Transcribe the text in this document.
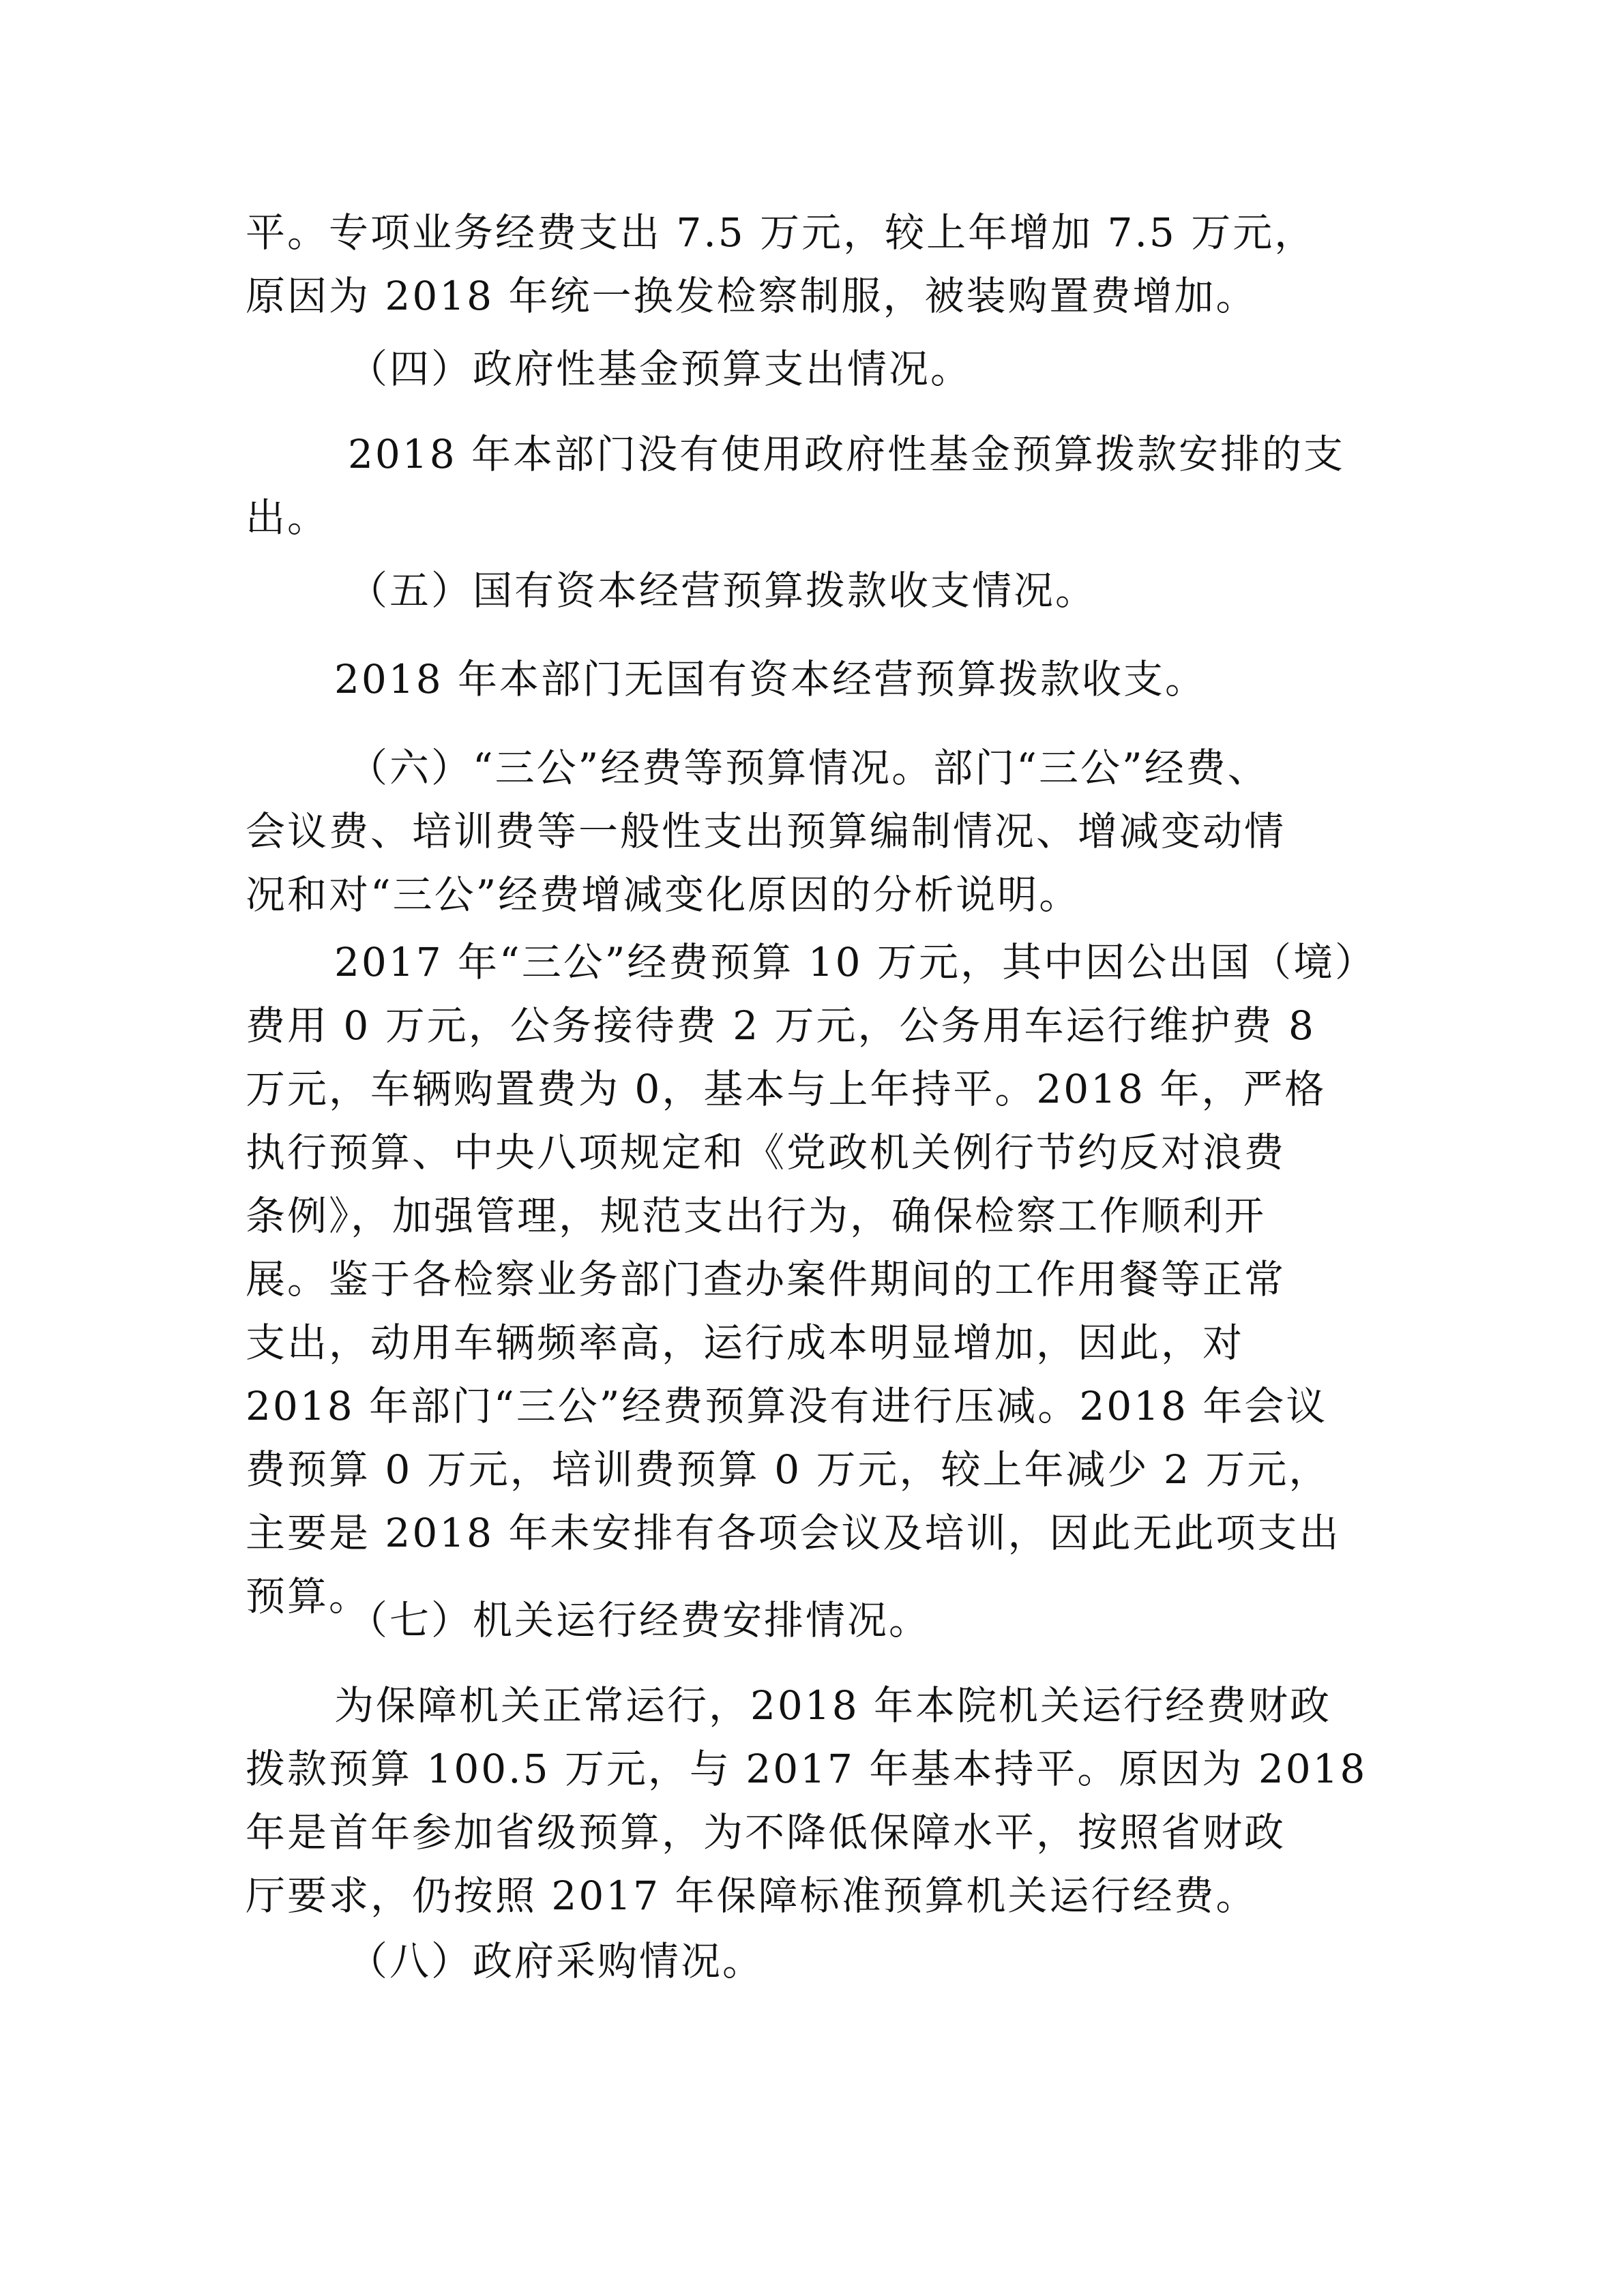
平。专项业务经费支出 7.5 万元，较上年增加 7.5 万元，
原因为 2018 年统一换发检察制服，被装购置费增加。
（四）政府性基金预算支出情况。
2018 年本部门没有使用政府性基金预算拨款安排的支
出。
（五）国有资本经营预算拨款收支情况。
2018 年本部门无国有资本经营预算拨款收支。
（六）“三公”经费等预算情况。部门“三公”经费、
会议费、培训费等一般性支出预算编制情况、增减变动情
况和对“三公”经费增减变化原因的分析说明。
2017 年“三公”经费预算 10 万元，其中因公出国（境）
费用 0 万元，公务接待费 2 万元，公务用车运行维护费 8
万元，车辆购置费为 0，基本与上年持平。2018 年，严格
执行预算、中央八项规定和《党政机关例行节约反对浪费
条例》，加强管理，规范支出行为，确保检察工作顺利开
展。鉴于各检察业务部门查办案件期间的工作用餐等正常
支出，动用车辆频率高，运行成本明显增加，因此，对
2018 年部门“三公”经费预算没有进行压减。2018 年会议
费预算 0 万元，培训费预算 0 万元，较上年减少 2 万元，
主要是 2018 年未安排有各项会议及培训，因此无此项支出
预算。
（七）机关运行经费安排情况。
为保障机关正常运行，2018 年本院机关运行经费财政
拨款预算 100.5 万元，与 2017 年基本持平。原因为 2018
年是首年参加省级预算，为不降低保障水平，按照省财政
厅要求，仍按照 2017 年保障标准预算机关运行经费。
（八）政府采购情况。
